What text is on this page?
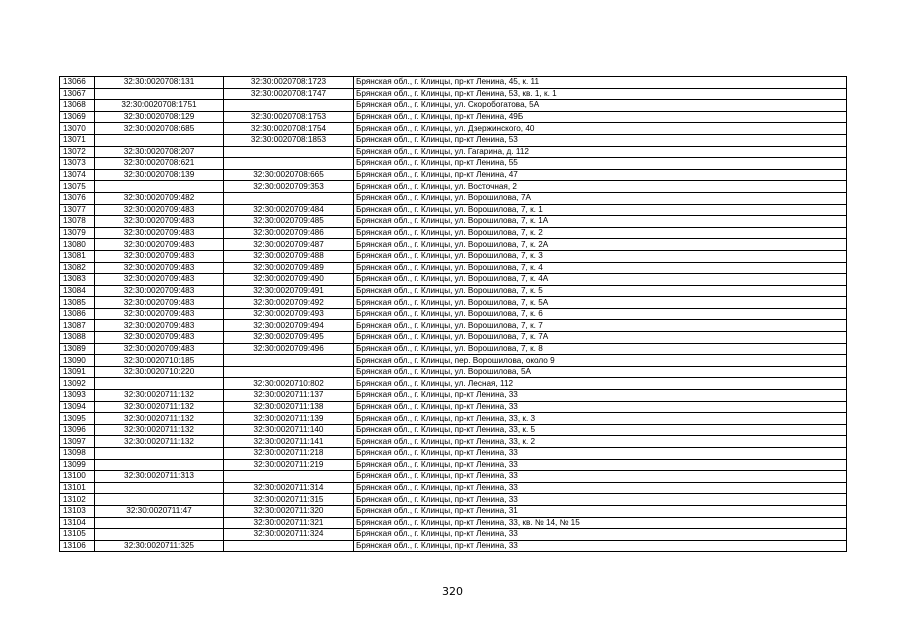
13066	32:30:0020708:131	32:30:0020708:1723	Брянская обл., г. Клинцы, пр-кт Ленина, 45, к. 11
13067		32:30:0020708:1747	Брянская обл., г. Клинцы, пр-кт Ленина, 53, кв. 1, к. 1
13068	32:30:0020708:1751		Брянская обл., г. Клинцы, ул. Скоробогатова, 5А
13069	32:30:0020708:129	32:30:0020708:1753	Брянская обл., г. Клинцы, пр-кт Ленина, 49Б
13070	32:30:0020708:685	32:30:0020708:1754	Брянская обл., г. Клинцы, ул. Дзержинского, 40
13071		32:30:0020708:1853	Брянская обл., г. Клинцы, пр-кт Ленина, 53
13072	32:30:0020708:207		Брянская обл., г. Клинцы, ул. Гагарина, д. 112
13073	32:30:0020708:621		Брянская обл., г. Клинцы, пр-кт Ленина, 55
13074	32:30:0020708:139	32:30:0020708:665	Брянская обл., г. Клинцы, пр-кт Ленина, 47
13075		32:30:0020709:353	Брянская обл., г. Клинцы, ул. Восточная, 2
13076	32:30:0020709:482		Брянская обл., г. Клинцы, ул. Ворошилова, 7А
13077	32:30:0020709:483	32:30:0020709:484	Брянская обл., г. Клинцы, ул. Ворошилова, 7, к. 1
13078	32:30:0020709:483	32:30:0020709:485	Брянская обл., г. Клинцы, ул. Ворошилова, 7, к. 1А
13079	32:30:0020709:483	32:30:0020709:486	Брянская обл., г. Клинцы, ул. Ворошилова, 7, к. 2
13080	32:30:0020709:483	32:30:0020709:487	Брянская обл., г. Клинцы, ул. Ворошилова, 7, к. 2А
13081	32:30:0020709:483	32:30:0020709:488	Брянская обл., г. Клинцы, ул. Ворошилова, 7, к. 3
13082	32:30:0020709:483	32:30:0020709:489	Брянская обл., г. Клинцы, ул. Ворошилова, 7, к. 4
13083	32:30:0020709:483	32:30:0020709:490	Брянская обл., г. Клинцы, ул. Ворошилова, 7, к. 4А
13084	32:30:0020709:483	32:30:0020709:491	Брянская обл., г. Клинцы, ул. Ворошилова, 7, к. 5
13085	32:30:0020709:483	32:30:0020709:492	Брянская обл., г. Клинцы, ул. Ворошилова, 7, к. 5А
13086	32:30:0020709:483	32:30:0020709:493	Брянская обл., г. Клинцы, ул. Ворошилова, 7, к. 6
13087	32:30:0020709:483	32:30:0020709:494	Брянская обл., г. Клинцы, ул. Ворошилова, 7, к. 7
13088	32:30:0020709:483	32:30:0020709:495	Брянская обл., г. Клинцы, ул. Ворошилова, 7, к. 7А
13089	32:30:0020709:483	32:30:0020709:496	Брянская обл., г. Клинцы, ул. Ворошилова, 7, к. 8
13090	32:30:0020710:185		Брянская обл., г. Клинцы, пер. Ворошилова, около 9
13091	32:30:0020710:220		Брянская обл., г. Клинцы, ул. Ворошилова, 5А
13092		32:30:0020710:802	Брянская обл., г. Клинцы, ул. Лесная, 112
13093	32:30:0020711:132	32:30:0020711:137	Брянская обл., г. Клинцы, пр-кт Ленина, 33
13094	32:30:0020711:132	32:30:0020711:138	Брянская обл., г. Клинцы, пр-кт Ленина, 33
13095	32:30:0020711:132	32:30:0020711:139	Брянская обл., г. Клинцы, пр-кт Ленина, 33, к. 3
13096	32:30:0020711:132	32:30:0020711:140	Брянская обл., г. Клинцы, пр-кт Ленина, 33, к. 5
13097	32:30:0020711:132	32:30:0020711:141	Брянская обл., г. Клинцы, пр-кт Ленина, 33, к. 2
13098		32:30:0020711:218	Брянская обл., г. Клинцы, пр-кт Ленина, 33
13099		32:30:0020711:219	Брянская обл., г. Клинцы, пр-кт Ленина, 33
13100	32:30:0020711:313		Брянская обл., г. Клинцы, пр-кт Ленина, 33
13101		32:30:0020711:314	Брянская обл., г. Клинцы, пр-кт Ленина, 33
13102		32:30:0020711:315	Брянская обл., г. Клинцы, пр-кт Ленина, 33
13103	32:30:0020711:47	32:30:0020711:320	Брянская обл., г. Клинцы, пр-кт Ленина, 31
13104		32:30:0020711:321	Брянская обл., г. Клинцы, пр-кт Ленина, 33, кв. № 14, № 15
13105		32:30:0020711:324	Брянская обл., г. Клинцы, пр-кт Ленина, 33
13106	32:30:0020711:325		Брянская обл., г. Клинцы, пр-кт Ленина, 33
320
